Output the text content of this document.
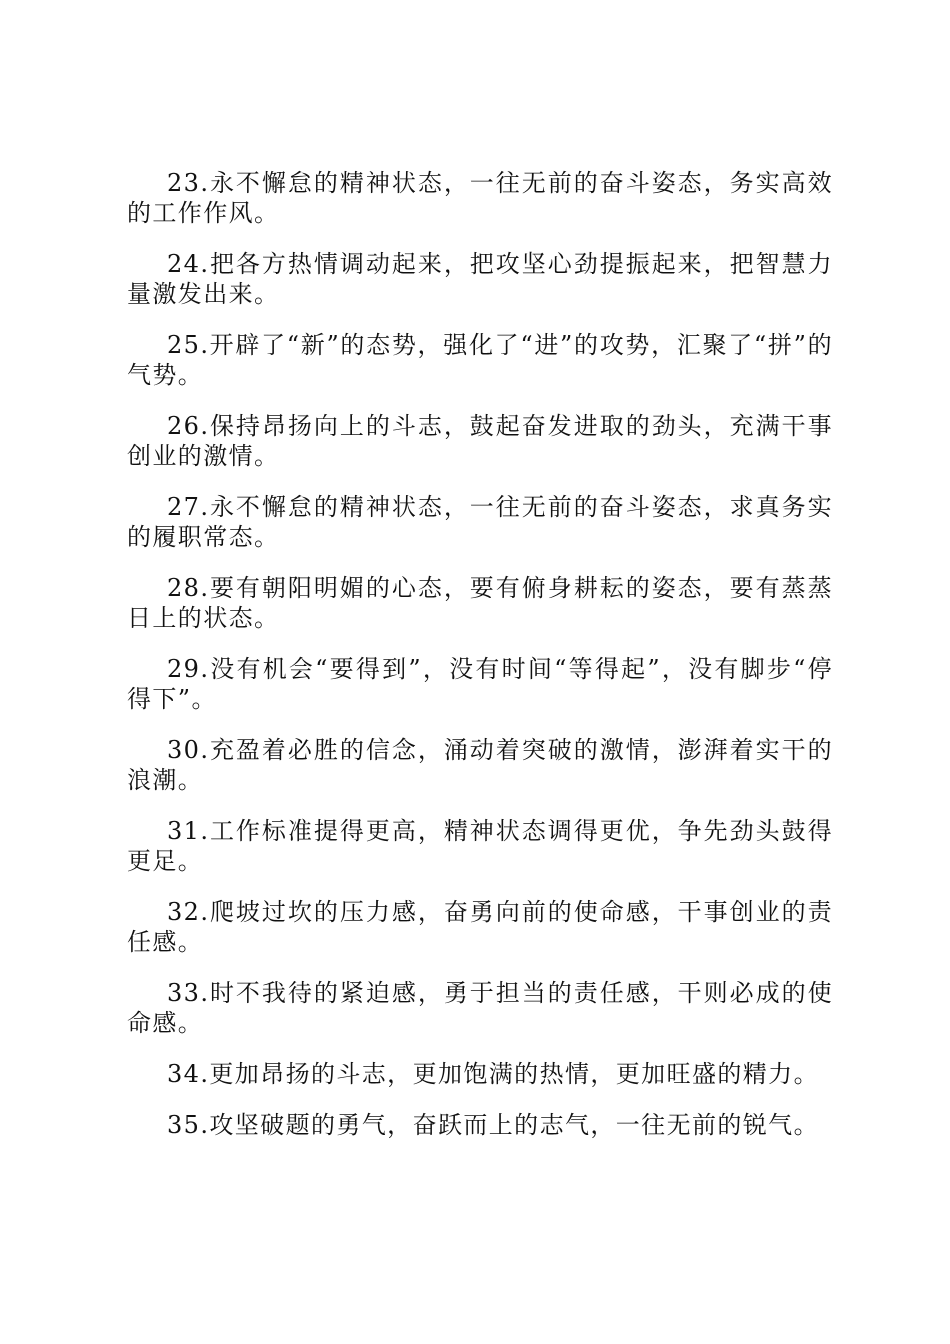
23.永不懈怠的精神状态，一往无前的奋斗姿态，务实高效的工作作风。

24.把各方热情调动起来，把攻坚心劲提振起来，把智慧力量激发出来。

25.开辟了“新”的态势，强化了“进”的攻势，汇聚了“拼”的气势。

26.保持昂扬向上的斗志，鼓起奋发进取的劲头，充满干事创业的激情。

27.永不懈怠的精神状态，一往无前的奋斗姿态，求真务实的履职常态。

28.要有朝阳明媚的心态，要有俯身耕耘的姿态，要有蒸蒸日上的状态。

29.没有机会“要得到”，没有时间“等得起”，没有脚步“停得下”。

30.充盈着必胜的信念，涌动着突破的激情，澎湃着实干的浪潮。

31.工作标准提得更高，精神状态调得更优，争先劲头鼓得更足。

32.爬坡过坎的压力感，奋勇向前的使命感，干事创业的责任感。

33.时不我待的紧迫感，勇于担当的责任感，干则必成的使命感。

34.更加昂扬的斗志，更加饱满的热情，更加旺盛的精力。

35.攻坚破题的勇气，奋跃而上的志气，一往无前的锐气。
